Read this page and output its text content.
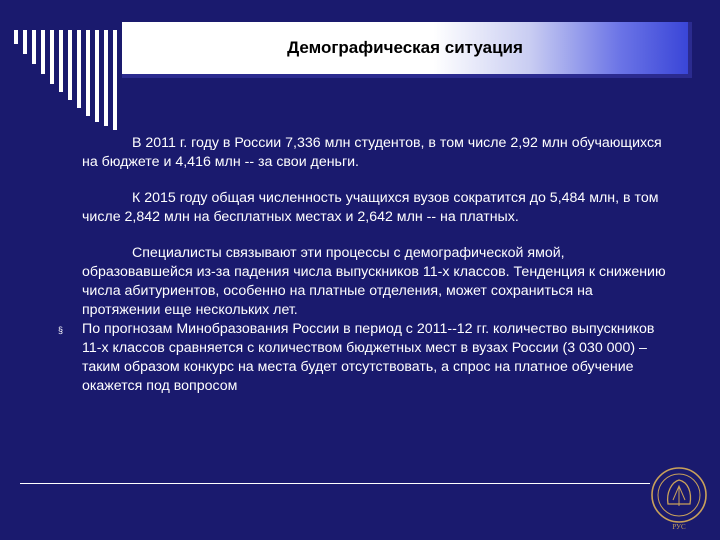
Демографическая ситуация
В 2011 г. году в России 7,336 млн студентов, в том числе 2,92 млн обучающихся на бюджете и 4,416 млн -- за свои деньги.
К 2015 году общая численность учащихся вузов сократится до 5,484 млн, в том числе 2,842 млн на бесплатных местах и 2,642 млн -- на платных.
Специалисты связывают эти процессы с демографической ямой, образовавшейся из-за падения числа выпускников 11-х классов. Тенденция к снижению числа абитуриентов, особенно на платные отделения, может сохраниться на протяжении еще нескольких лет.
§ По прогнозам Минобразования России в период с 2011--12 гг. количество выпускников 11-х классов сравняется с количеством бюджетных мест в вузах России (3 030 000) – таким образом конкурс на места будет отсутствовать, а спрос на платное обучение окажется под вопросом
РУС
